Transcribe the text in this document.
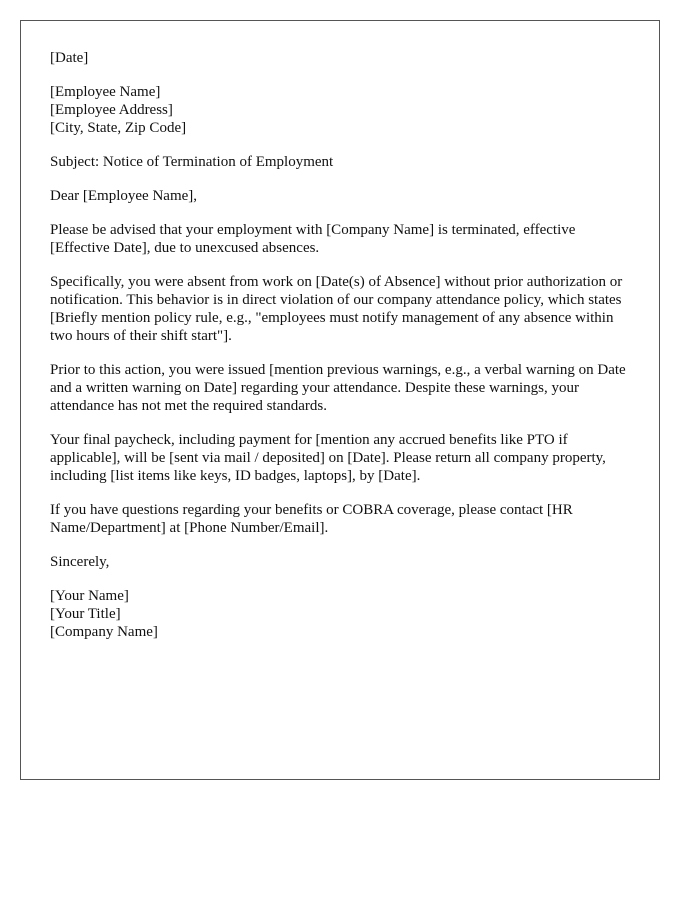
[Date]
[Employee Name]
[Employee Address]
[City, State, Zip Code]
Subject: Notice of Termination of Employment
Dear [Employee Name],

Please be advised that your employment with [Company Name] is terminated, effective [Effective Date], due to unexcused absences.

Specifically, you were absent from work on [Date(s) of Absence] without prior authorization or notification. This behavior is in direct violation of our company attendance policy, which states [Briefly mention policy rule, e.g., "employees must notify management of any absence within two hours of their shift start"].

Prior to this action, you were issued [mention previous warnings, e.g., a verbal warning on Date and a written warning on Date] regarding your attendance. Despite these warnings, your attendance has not met the required standards.

Your final paycheck, including payment for [mention any accrued benefits like PTO if applicable], will be [sent via mail / deposited] on [Date]. Please return all company property, including [list items like keys, ID badges, laptops], by [Date].

If you have questions regarding your benefits or COBRA coverage, please contact [HR Name/Department] at [Phone Number/Email].

Sincerely,
[Your Name]
[Your Title]
[Company Name]
